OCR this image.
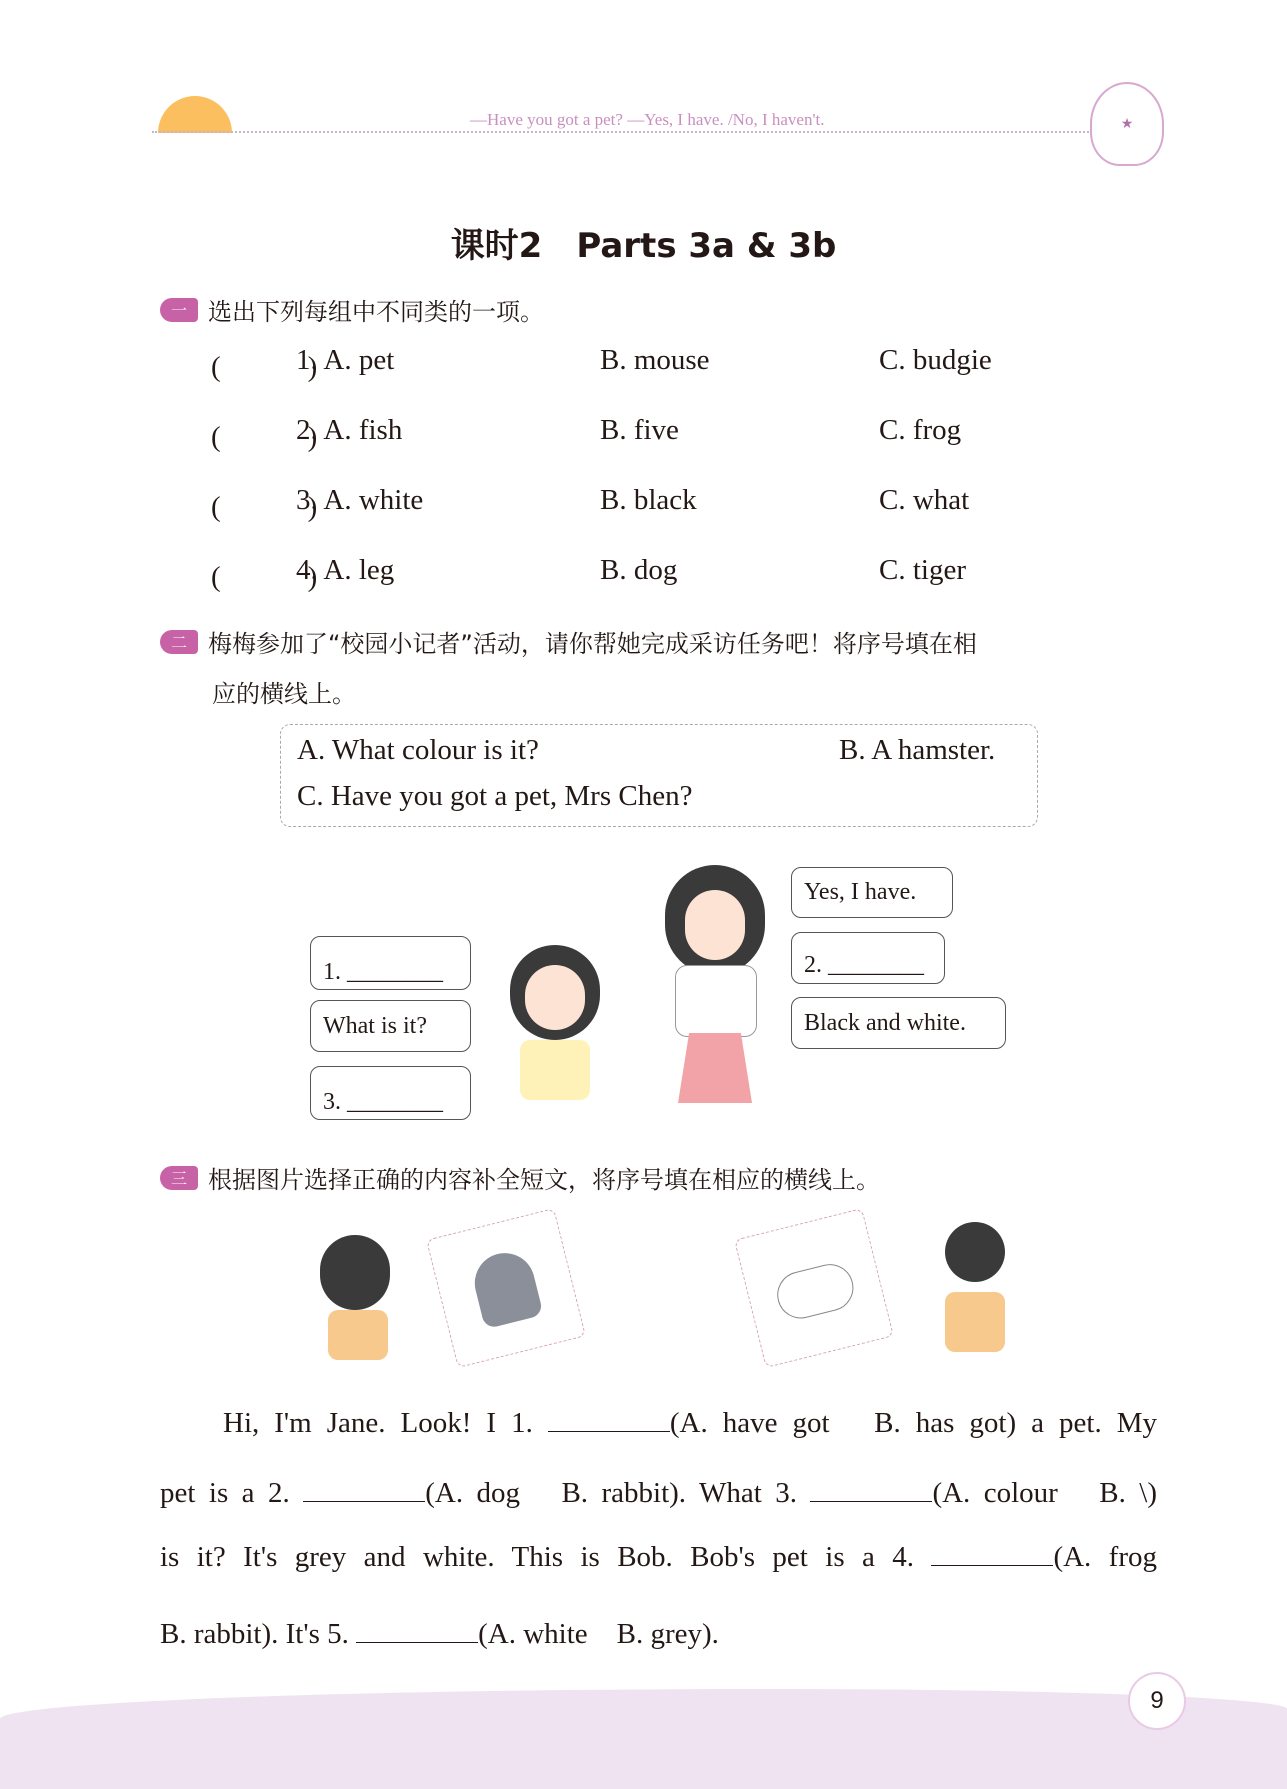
—Have you got a pet? —Yes, I have. /No, I haven't.	★
课时2　Parts 3a & 3b
一 选出下列每组中不同类的一项。
(　　　)
1. A. pet	B. mouse	C. budgie
(　　　)
2. A. fish	B. five	C. frog
(　　　)
3. A. white	B. black	C. what
(　　　)
4. A. leg	B. dog	C. tiger
二 梅梅参加了“校园小记者”活动，请你帮她完成采访任务吧！将序号填在相
应的横线上。
A. What colour is it?	B. A hamster.
C. Have you got a pet, Mrs Chen?
1. ________
What is it?
3. ________
Yes, I have.
2. ________
Black and white.
三 根据图片选择正确的内容补全短文，将序号填在相应的横线上。
Hi, I'm Jane. Look! I 1.	(A. have got　B. has got) a pet. My
pet is a 2.	(A. dog　B. rabbit). What 3.	(A. colour　B. \)
is it? It's grey and white. This is Bob. Bob's pet is a 4.	(A. frog
B. rabbit). It's 5.	(A. white　B. grey).
9
